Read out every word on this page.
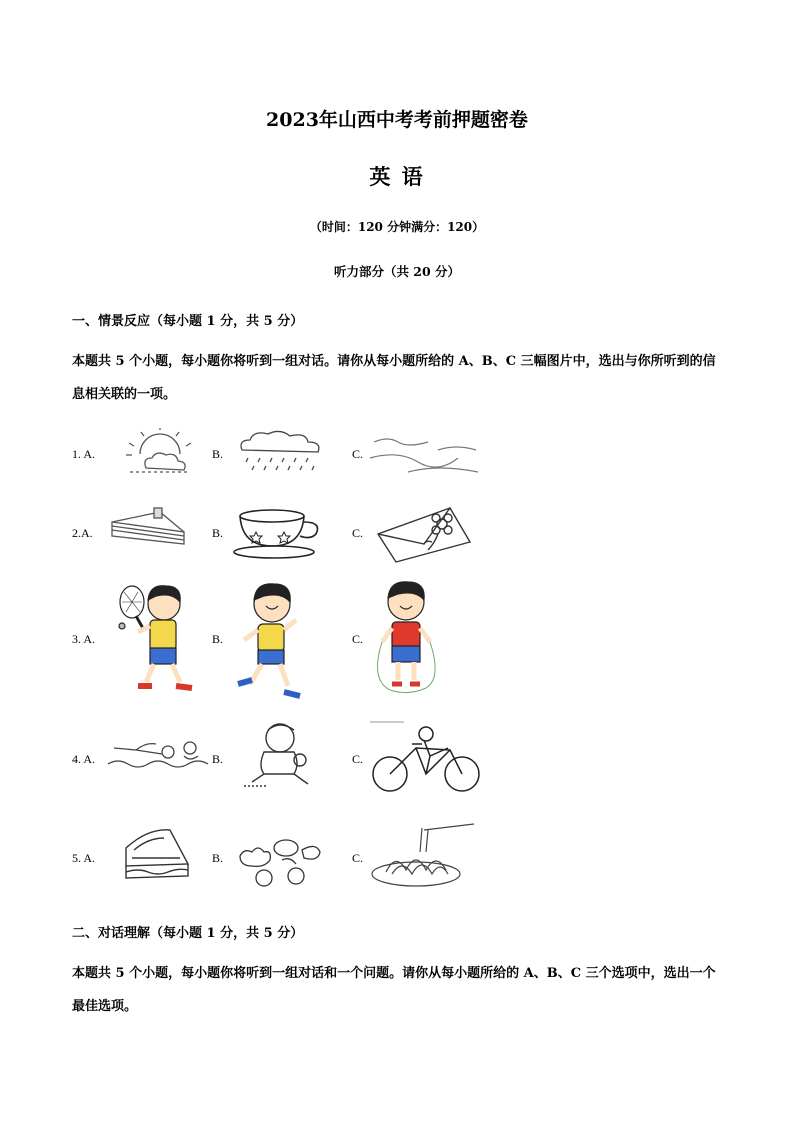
2023年山西中考考前押题密卷
英 语
（时间：120 分钟满分：120）
听力部分（共 20 分）
一、情景反应（每小题 1 分，共 5 分）
本题共 5 个小题，每小题你将听到一组对话。请你从每小题所给的 A、B、C 三幅图片中，选出与你所听到的信息相关联的一项。
1. A.	B.	C.
2.A.	B.	C.
3. A.	B.	C.
4. A.	B.	C.
5. A.	B.	C.
二、对话理解（每小题 1 分，共 5 分）
本题共 5 个小题，每小题你将听到一组对话和一个问题。请你从每小题所给的 A、B、C 三个选项中，选出一个最佳选项。
